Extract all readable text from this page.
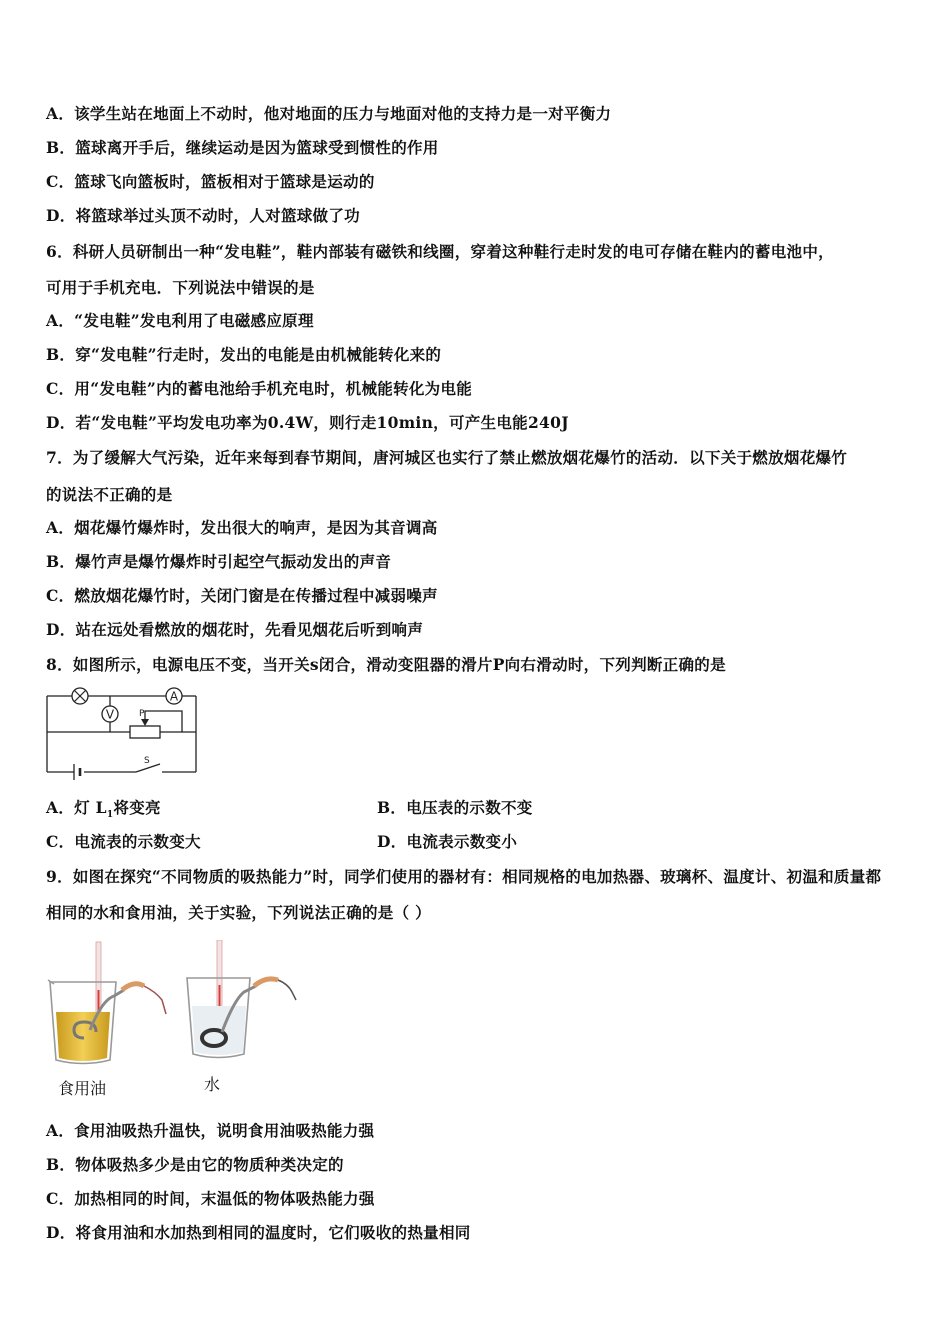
A．该学生站在地面上不动时，他对地面的压力与地面对他的支持力是一对平衡力
B．篮球离开手后，继续运动是因为篮球受到惯性的作用
C．篮球飞向篮板时，篮板相对于篮球是运动的
D．将篮球举过头顶不动时，人对篮球做了功
6．科研人员研制出一种“发电鞋”，鞋内部装有磁铁和线圈，穿着这种鞋行走时发的电可存储在鞋内的蓄电池中，
可用于手机充电．下列说法中错误的是
A．“发电鞋”发电利用了电磁感应原理
B．穿“发电鞋”行走时，发出的电能是由机械能转化来的
C．用“发电鞋”内的蓄电池给手机充电时，机械能转化为电能
D．若“发电鞋”平均发电功率为0.4W，则行走10min，可产生电能240J
7．为了缓解大气污染，近年来每到春节期间，唐河城区也实行了禁止燃放烟花爆竹的活动．以下关于燃放烟花爆竹
的说法不正确的是
A．烟花爆竹爆炸时，发出很大的响声，是因为其音调高
B．爆竹声是爆竹爆炸时引起空气振动发出的声音
C．燃放烟花爆竹时，关闭门窗是在传播过程中减弱噪声
D．站在远处看燃放的烟花时，先看见烟花后听到响声
8．如图所示，电源电压不变，当开关s闭合，滑动变阻器的滑片P向右滑动时，下列判断正确的是
A
V	P
S
A．灯 $L_1$将变亮	B．电压表的示数不变
C．电流表的示数变大	D．电流表示数变小
9．如图在探究“不同物质的吸热能力”时，同学们使用的器材有：相同规格的电加热器、玻璃杯、温度计、初温和质量都
相同的水和食用油，关于实验，下列说法正确的是（ ）
食用油	水
A．食用油吸热升温快，说明食用油吸热能力强
B．物体吸热多少是由它的物质种类决定的
C．加热相同的时间，末温低的物体吸热能力强
D．将食用油和水加热到相同的温度时，它们吸收的热量相同
